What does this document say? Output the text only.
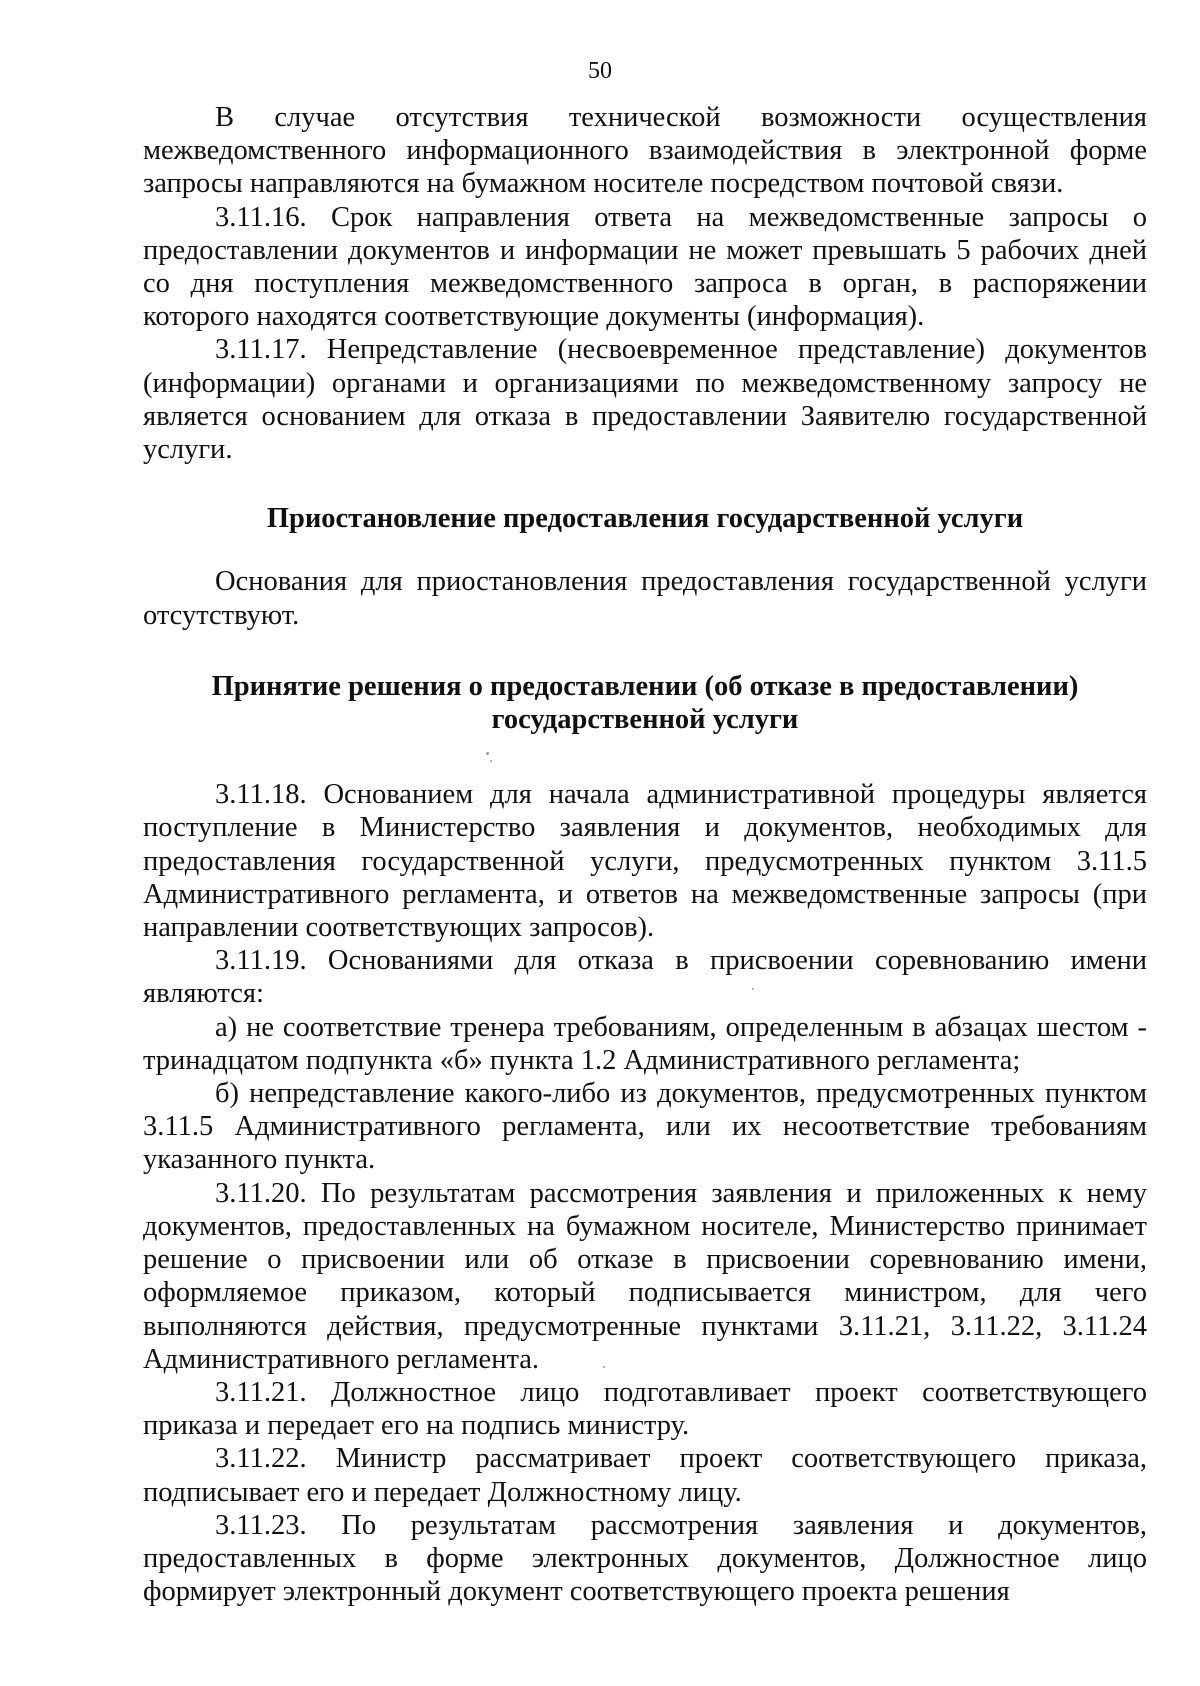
50

В случае отсутствия технической возможности осуществления межведомственного информационного взаимодействия в электронной форме запросы направляются на бумажном носителе посредством почтовой связи.

3.11.16. Срок направления ответа на межведомственные запросы о предоставлении документов и информации не может превышать 5 рабочих дней со дня поступления межведомственного запроса в орган, в распоряжении которого находятся соответствующие документы (информация).

3.11.17. Непредставление (несвоевременное представление) документов (информации) органами и организациями по межведомственному запросу не является основанием для отказа в предоставлении Заявителю государственной услуги.

Приостановление предоставления государственной услуги

Основания для приостановления предоставления государственной услуги отсутствуют.

Принятие решения о предоставлении (об отказе в предоставлении) государственной услуги

3.11.18. Основанием для начала административной процедуры является поступление в Министерство заявления и документов, необходимых для предоставления государственной услуги, предусмотренных пунктом 3.11.5 Административного регламента, и ответов на межведомственные запросы (при направлении соответствующих запросов).

3.11.19. Основаниями для отказа в присвоении соревнованию имени являются:

а) не соответствие тренера требованиям, определенным в абзацах шестом - тринадцатом подпункта «б» пункта 1.2 Административного регламента;

б) непредставление какого-либо из документов, предусмотренных пунктом 3.11.5 Административного регламента, или их несоответствие требованиям указанного пункта.

3.11.20. По результатам рассмотрения заявления и приложенных к нему документов, предоставленных на бумажном носителе, Министерство принимает решение о присвоении или об отказе в присвоении соревнованию имени, оформляемое приказом, который подписывается министром, для чего выполняются действия, предусмотренные пунктами 3.11.21, 3.11.22, 3.11.24 Административного регламента.

3.11.21. Должностное лицо подготавливает проект соответствующего приказа и передает его на подпись министру.

3.11.22. Министр рассматривает проект соответствующего приказа, подписывает его и передает Должностному лицу.

3.11.23. По результатам рассмотрения заявления и документов, предоставленных в форме электронных документов, Должностное лицо формирует электронный документ соответствующего проекта решения
